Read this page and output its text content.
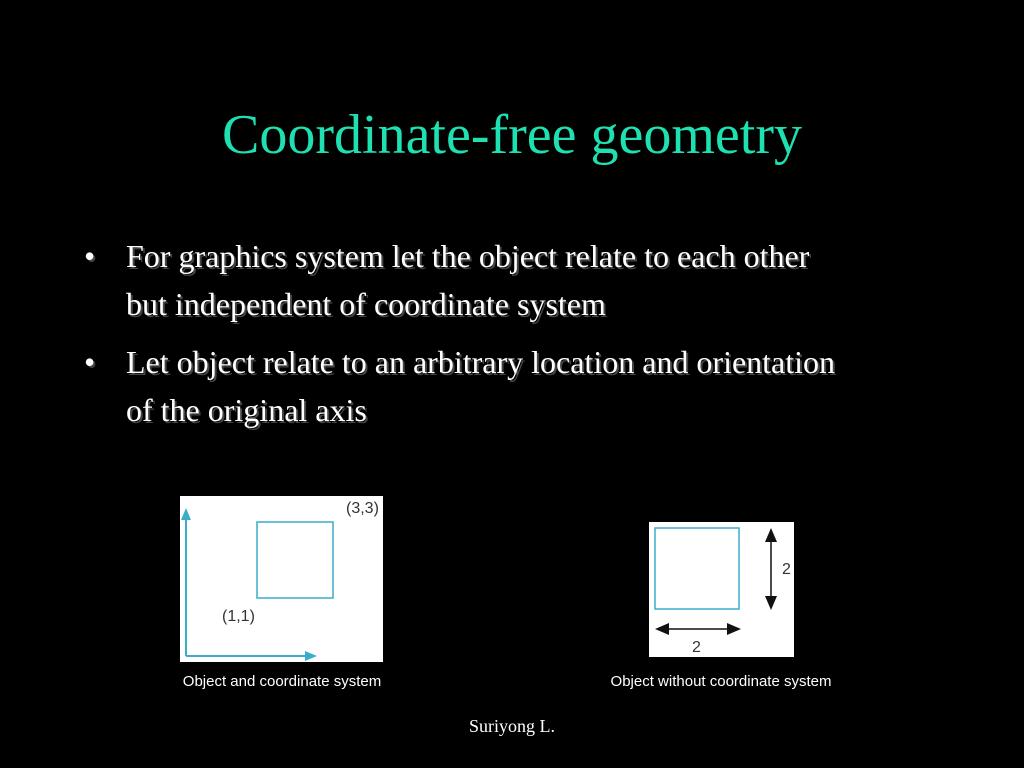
Coordinate-free geometry
• For graphics system let the object relate to each other but independent of coordinate system
• Let object relate to an arbitrary location and orientation of the original axis
(3,3)
(1,1)
Object and coordinate system
2
2
Object without coordinate system
Suriyong L.
